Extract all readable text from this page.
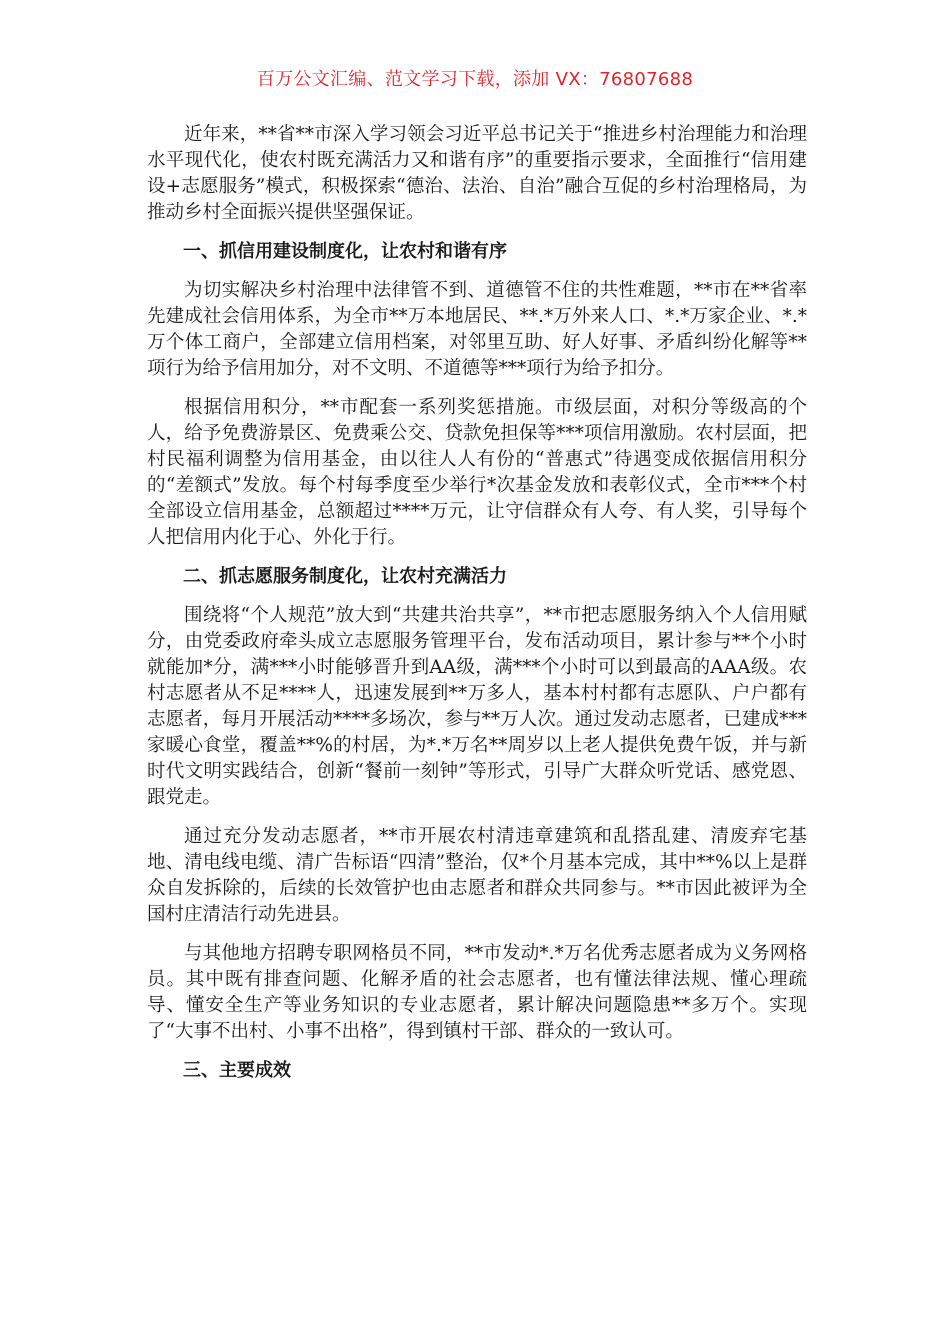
百万公文汇编、范文学习下载，添加 VX：76807688

近年来，**省**市深入学习领会习近平总书记关于“推进乡村治理能力和治理水平现代化，使农村既充满活力又和谐有序”的重要指示要求，全面推行“信用建设+志愿服务”模式，积极探索“德治、法治、自治”融合互促的乡村治理格局，为推动乡村全面振兴提供坚强保证。

一、抓信用建设制度化，让农村和谐有序

为切实解决乡村治理中法律管不到、道德管不住的共性难题，**市在**省率先建成社会信用体系，为全市**万本地居民、**.*万外来人口、*.*万家企业、*.*万个体工商户，全部建立信用档案，对邻里互助、好人好事、矛盾纠纷化解等**项行为给予信用加分，对不文明、不道德等***项行为给予扣分。

根据信用积分，**市配套一系列奖惩措施。市级层面，对积分等级高的个人，给予免费游景区、免费乘公交、贷款免担保等***项信用激励。农村层面，把村民福利调整为信用基金，由以往人人有份的“普惠式”待遇变成依据信用积分的“差额式”发放。每个村每季度至少举行*次基金发放和表彰仪式，全市***个村全部设立信用基金，总额超过****万元，让守信群众有人夸、有人奖，引导每个人把信用内化于心、外化于行。

二、抓志愿服务制度化，让农村充满活力

围绕将“个人规范”放大到“共建共治共享”，**市把志愿服务纳入个人信用赋分，由党委政府牵头成立志愿服务管理平台，发布活动项目，累计参与**个小时就能加*分，满***小时能够晋升到AA级，满***个小时可以到最高的AAA级。农村志愿者从不足****人，迅速发展到**万多人，基本村村都有志愿队、户户都有志愿者，每月开展活动****多场次，参与**万人次。通过发动志愿者，已建成***家暖心食堂，覆盖**%的村居，为*.*万名**周岁以上老人提供免费午饭，并与新时代文明实践结合，创新“餐前一刻钟”等形式，引导广大群众听党话、感党恩、跟党走。

通过充分发动志愿者，**市开展农村清违章建筑和乱搭乱建、清废弃宅基地、清电线电缆、清广告标语“四清”整治，仅*个月基本完成，其中**%以上是群众自发拆除的，后续的长效管护也由志愿者和群众共同参与。**市因此被评为全国村庄清洁行动先进县。

与其他地方招聘专职网格员不同，**市发动*.*万名优秀志愿者成为义务网格员。其中既有排查问题、化解矛盾的社会志愿者，也有懂法律法规、懂心理疏导、懂安全生产等业务知识的专业志愿者，累计解决问题隐患**多万个。实现了“大事不出村、小事不出格”，得到镇村干部、群众的一致认可。

三、主要成效
